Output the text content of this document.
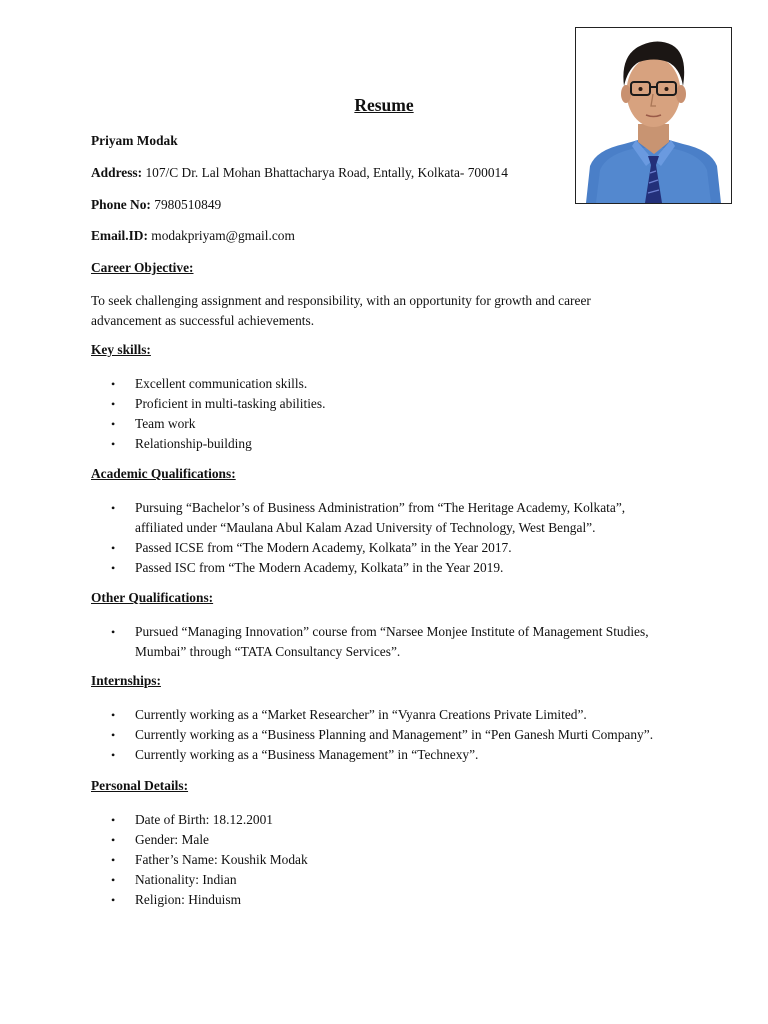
Resume
Priyam Modak
Address: 107/C Dr. Lal Mohan Bhattacharya Road, Entally, Kolkata- 700014
Phone No: 7980510849
Email.ID: modakpriyam@gmail.com
Career Objective:
To seek challenging assignment and responsibility, with an opportunity for growth and career
advancement as successful achievements.
Key skills:
• Excellent communication skills.
• Proficient in multi-tasking abilities.
• Team work
• Relationship-building
Academic Qualifications:
• Pursuing “Bachelor’s of Business Administration” from “The Heritage Academy, Kolkata”,
affiliated under “Maulana Abul Kalam Azad University of Technology, West Bengal”.
• Passed ICSE from “The Modern Academy, Kolkata” in the Year 2017.
• Passed ISC from “The Modern Academy, Kolkata” in the Year 2019.
Other Qualifications:
• Pursued “Managing Innovation” course from “Narsee Monjee Institute of Management Studies,
Mumbai” through “TATA Consultancy Services”.
Internships:
• Currently working as a “Market Researcher” in “Vyanra Creations Private Limited”.
• Currently working as a “Business Planning and Management” in “Pen Ganesh Murti Company”.
• Currently working as a “Business Management” in “Technexy”.
Personal Details:
• Date of Birth: 18.12.2001
• Gender: Male
• Father’s Name: Koushik Modak
• Nationality: Indian
• Religion: Hinduism
